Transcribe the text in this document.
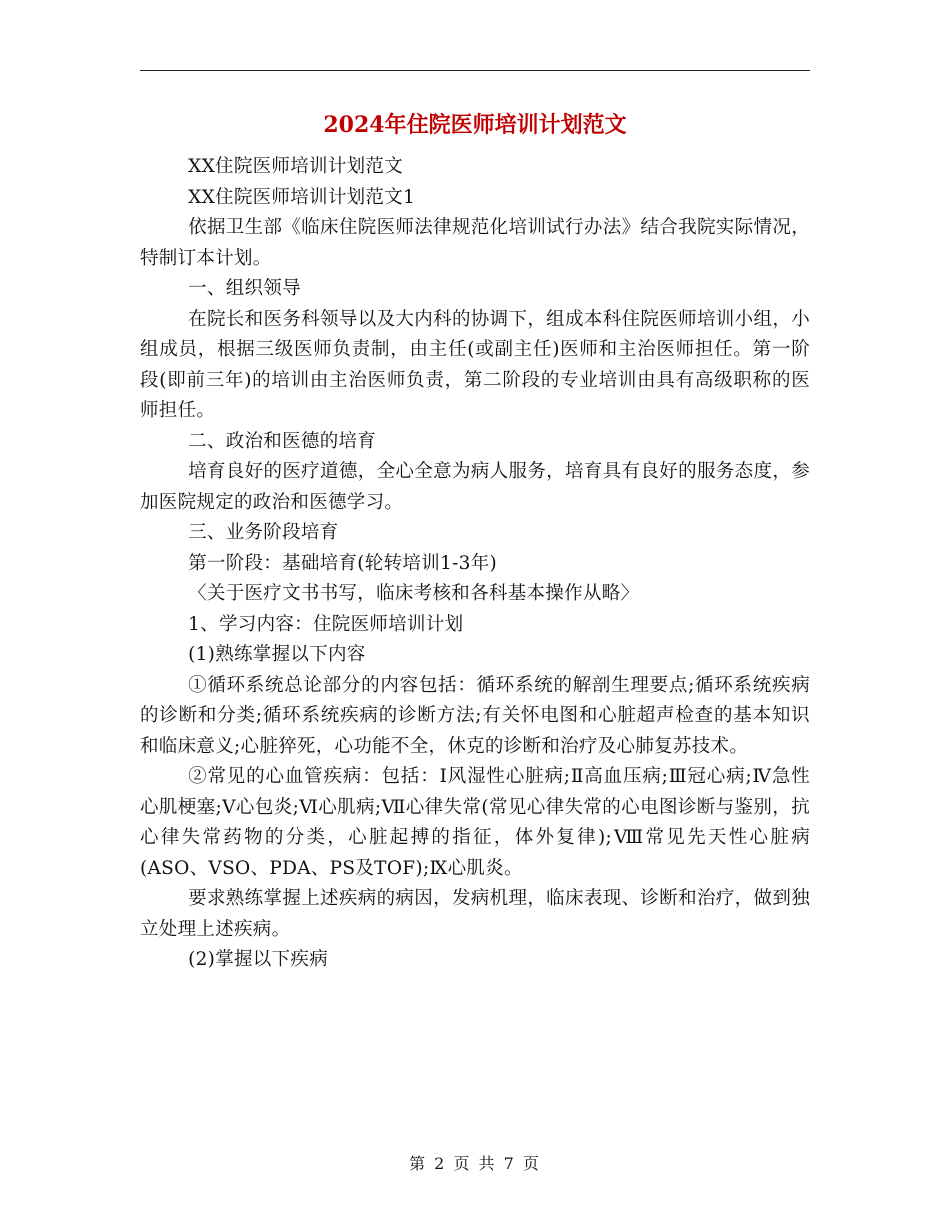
2024年住院医师培训计划范文

XX住院医师培训计划范文

XX住院医师培训计划范文1

依据卫生部《临床住院医师法律规范化培训试行办法》结合我院实际情况，特制订本计划。

一、组织领导

在院长和医务科领导以及大内科的协调下，组成本科住院医师培训小组，小组成员，根据三级医师负责制，由主任(或副主任)医师和主治医师担任。第一阶段(即前三年)的培训由主治医师负责，第二阶段的专业培训由具有高级职称的医师担任。

二、政治和医德的培育

培育良好的医疗道德，全心全意为病人服务，培育具有良好的服务态度，参加医院规定的政治和医德学习。

三、业务阶段培育

第一阶段：基础培育(轮转培训1-3年)

〈关于医疗文书书写，临床考核和各科基本操作从略〉

1、学习内容：住院医师培训计划

(1)熟练掌握以下内容

①循环系统总论部分的内容包括：循环系统的解剖生理要点;循环系统疾病的诊断和分类;循环系统疾病的诊断方法;有关怀电图和心脏超声检查的基本知识和临床意义;心脏猝死，心功能不全，休克的诊断和治疗及心肺复苏技术。

②常见的心血管疾病：包括：Ⅰ风湿性心脏病;Ⅱ高血压病;Ⅲ冠心病;Ⅳ急性心肌梗塞;Ⅴ心包炎;Ⅵ心肌病;Ⅶ心律失常(常见心律失常的心电图诊断与鉴别，抗心律失常药物的分类，心脏起搏的指征，体外复律);Ⅷ常见先天性心脏病(ASO、VSO、PDA、PS及TOF);Ⅸ心肌炎。

要求熟练掌握上述疾病的病因，发病机理，临床表现、诊断和治疗，做到独立处理上述疾病。

(2)掌握以下疾病

第 2 页 共 7 页
